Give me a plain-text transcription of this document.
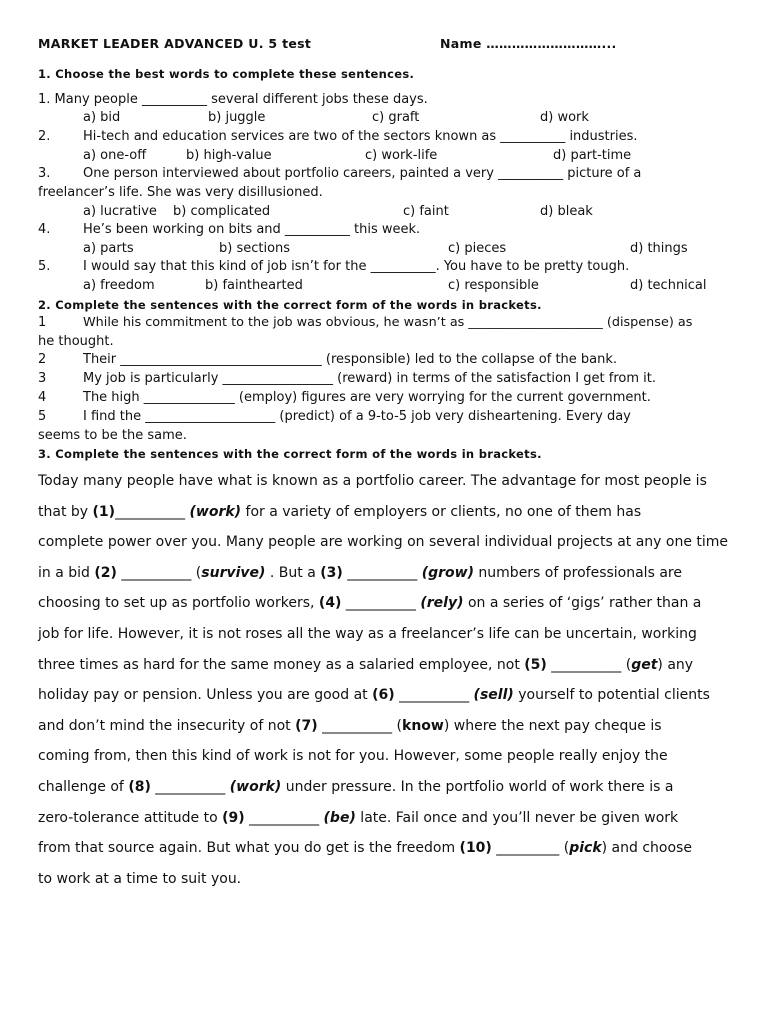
MARKET LEADER ADVANCED U. 5 test	Name ………………………...
1. Choose the best words to complete these sentences.
1. Many people __________ several different jobs these days.
a) bid	b) juggle	c) graft	d) work
2.	Hi-tech and education services are two of the sectors known as __________ industries.
a) one-off	b) high-value	c) work-life	d) part-time
3.	One person interviewed about portfolio careers, painted a very __________ picture of a
freelancer’s life. She was very disillusioned.
a) lucrative b) complicated	c) faint	d) bleak
4.	He’s been working on bits and __________ this week.
a) parts	b) sections	c) pieces	d) things
5.	I would say that this kind of job isn’t for the __________. You have to be pretty tough.
a) freedom	b) fainthearted	c) responsible	d) technical
2. Complete the sentences with the correct form of the words in brackets.
1	While his commitment to the job was obvious, he wasn’t as _____________________ (dispense) as
he thought.
2	Their _______________________________ (responsible) led to the collapse of the bank.
3	My job is particularly _________________ (reward) in terms of the satisfaction I get from it.
4	The high ______________ (employ) figures are very worrying for the current government.
5	I find the ____________________ (predict) of a 9-to-5 job very disheartening. Every day
seems to be the same.
3. Complete the sentences with the correct form of the words in brackets.
Today many people have what is known as a portfolio career. The advantage for most people is
that by (1)__________ (work) for a variety of employers or clients, no one of them has
complete power over you. Many people are working on several individual projects at any one time
in a bid (2) __________ (survive) . But a (3) __________ (grow) numbers of professionals are
choosing to set up as portfolio workers, (4) __________ (rely) on a series of ‘gigs’ rather than a
job for life. However, it is not roses all the way as a freelancer’s life can be uncertain, working
three times as hard for the same money as a salaried employee, not (5) __________ (get) any
holiday pay or pension. Unless you are good at (6) __________ (sell) yourself to potential clients
and don’t mind the insecurity of not (7) __________ (know) where the next pay cheque is
coming from, then this kind of work is not for you. However, some people really enjoy the
challenge of (8) __________ (work) under pressure. In the portfolio world of work there is a
zero-tolerance attitude to (9) __________ (be) late. Fail once and you’ll never be given work
from that source again. But what you do get is the freedom (10) _________ (pick) and choose
to work at a time to suit you.
